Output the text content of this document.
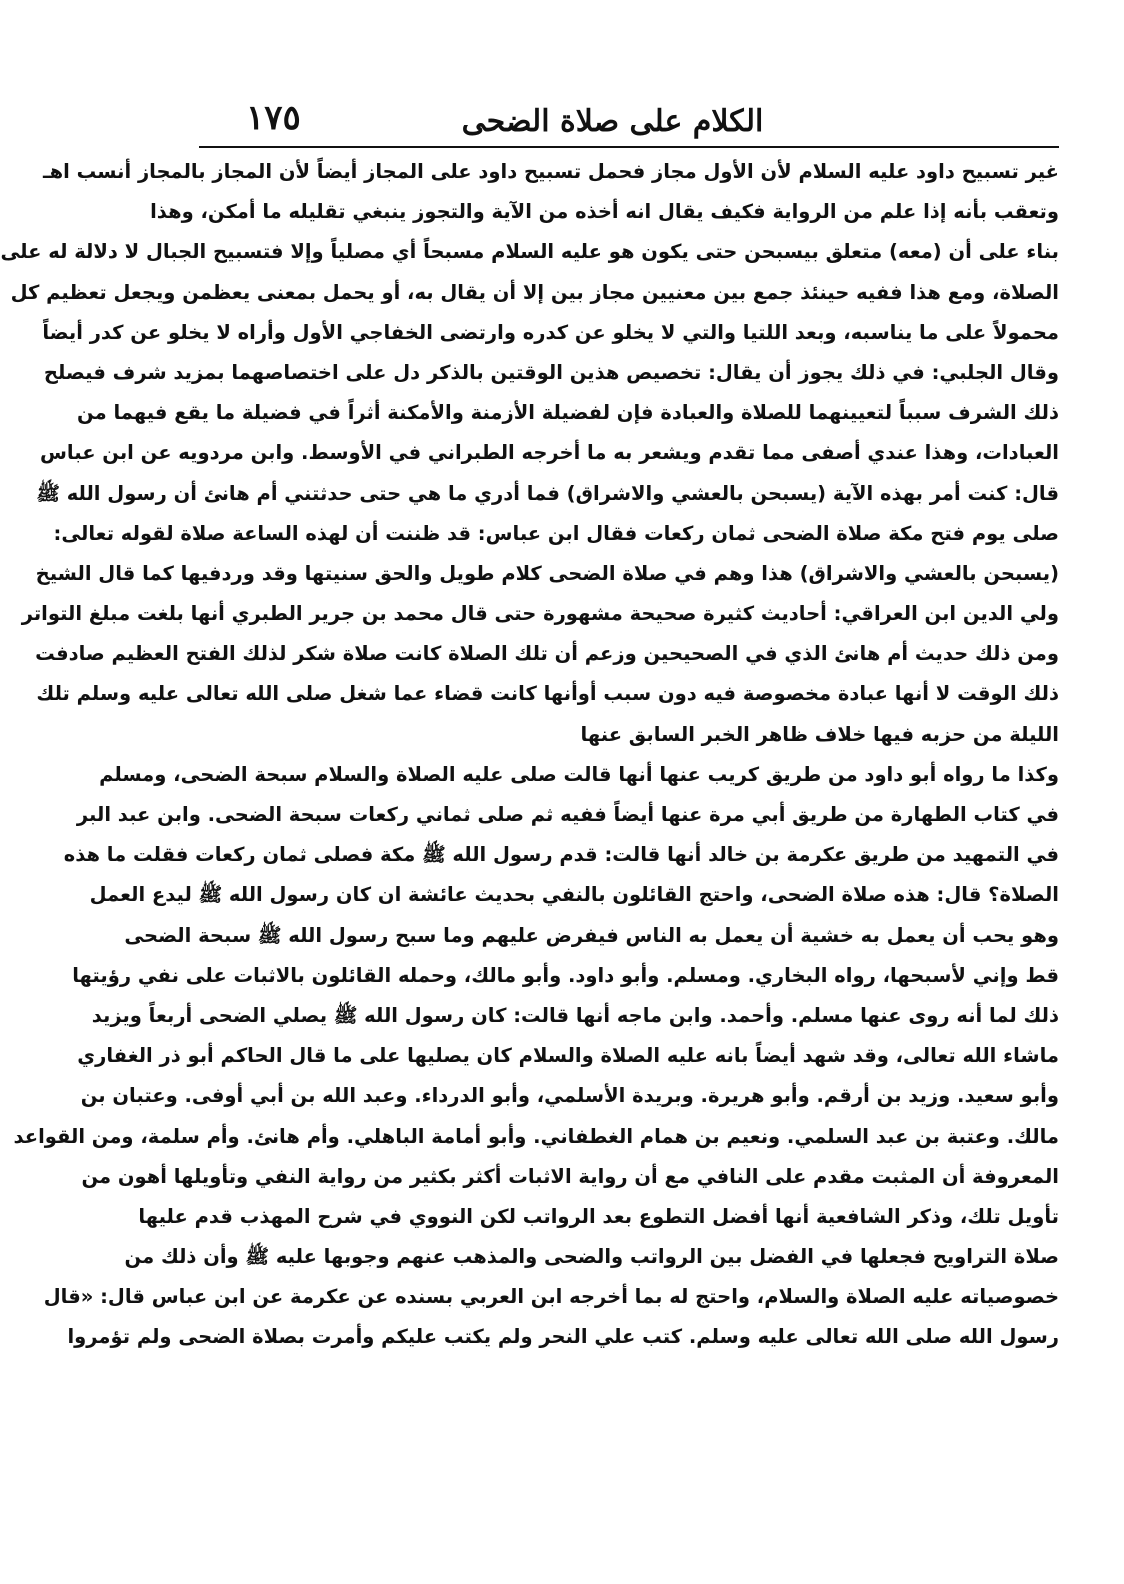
الكلام على صلاة الضحى
١٧٥
غير تسبيح داود عليه السلام لأن الأول مجاز فحمل تسبيح داود على المجاز أيضاً لأن المجاز بالمجاز أنسب اهـ
وتعقب بأنه إذا علم من الرواية فكيف يقال انه أخذه من الآية والتجوز ينبغي تقليله ما أمكن، وهذا
بناء على أن (معه) متعلق بيسبحن حتى يكون هو عليه السلام مسبحاً أي مصلياً وإلا فتسبيح الجبال لا دلالة له على
الصلاة، ومع هذا ففيه حينئذ جمع بين معنيين مجاز بين إلا أن يقال به، أو يحمل بمعنى يعظمن ويجعل تعظيم كل
محمولاً على ما يناسبه، وبعد اللتيا والتي لا يخلو عن كدره وارتضى الخفاجي الأول وأراه لا يخلو عن كدر أيضاً
وقال الجلبي: في ذلك يجوز أن يقال: تخصيص هذين الوقتين بالذكر دل على اختصاصهما بمزيد شرف فيصلح
ذلك الشرف سبباً لتعيينهما للصلاة والعبادة فإن لفضيلة الأزمنة والأمكنة أثراً في فضيلة ما يقع فيهما من
العبادات، وهذا عندي أصفى مما تقدم ويشعر به ما أخرجه الطبراني في الأوسط. وابن مردويه عن ابن عباس
قال: كنت أمر بهذه الآية (يسبحن بالعشي والاشراق) فما أدري ما هي حتى حدثتني أم هانئ أن رسول الله ﷺ
صلى يوم فتح مكة صلاة الضحى ثمان ركعات فقال ابن عباس: قد ظننت أن لهذه الساعة صلاة لقوله تعالى:
(يسبحن بالعشي والاشراق) هذا وهم في صلاة الضحى كلام طويل والحق سنيتها وقد وردفيها كما قال الشيخ
ولي الدين ابن العراقي: أحاديث كثيرة صحيحة مشهورة حتى قال محمد بن جرير الطبري أنها بلغت مبلغ التواتر
ومن ذلك حديث أم هانئ الذي في الصحيحين وزعم أن تلك الصلاة كانت صلاة شكر لذلك الفتح العظيم صادفت
ذلك الوقت لا أنها عبادة مخصوصة فيه دون سبب أوأنها كانت قضاء عما شغل صلى الله تعالى عليه وسلم تلك
الليلة من حزبه فيها خلاف ظاهر الخبر السابق عنها
وكذا ما رواه أبو داود من طريق كريب عنها أنها قالت صلى عليه الصلاة والسلام سبحة الضحى، ومسلم
في كتاب الطهارة من طريق أبي مرة عنها أيضاً ففيه ثم صلى ثماني ركعات سبحة الضحى. وابن عبد البر
في التمهيد من طريق عكرمة بن خالد أنها قالت: قدم رسول الله ﷺ مكة فصلى ثمان ركعات فقلت ما هذه
الصلاة؟ قال: هذه صلاة الضحى، واحتج القائلون بالنفي بحديث عائشة ان كان رسول الله ﷺ ليدع العمل
وهو يحب أن يعمل به خشية أن يعمل به الناس فيفرض عليهم وما سبح رسول الله ﷺ سبحة الضحى
قط وإني لأسبحها، رواه البخاري. ومسلم. وأبو داود. وأبو مالك، وحمله القائلون بالاثبات على نفي رؤيتها
ذلك لما أنه روى عنها مسلم. وأحمد. وابن ماجه أنها قالت: كان رسول الله ﷺ يصلي الضحى أربعاً ويزيد
ماشاء الله تعالى، وقد شهد أيضاً بانه عليه الصلاة والسلام كان يصليها على ما قال الحاكم أبو ذر الغفاري
وأبو سعيد. وزيد بن أرقم. وأبو هريرة. وبريدة الأسلمي، وأبو الدرداء. وعبد الله بن أبي أوفى. وعتبان بن
مالك. وعتبة بن عبد السلمي. ونعيم بن همام الغطفاني. وأبو أمامة الباهلي. وأم هانئ. وأم سلمة، ومن القواعد
المعروفة أن المثبت مقدم على النافي مع أن رواية الاثبات أكثر بكثير من رواية النفي وتأويلها أهون من
تأويل تلك، وذكر الشافعية أنها أفضل التطوع بعد الرواتب لكن النووي في شرح المهذب قدم عليها
صلاة التراويح فجعلها في الفضل بين الرواتب والضحى والمذهب عنهم وجوبها عليه ﷺ وأن ذلك من
خصوصياته عليه الصلاة والسلام، واحتج له بما أخرجه ابن العربي بسنده عن عكرمة عن ابن عباس قال: «قال
رسول الله صلى الله تعالى عليه وسلم. كتب علي النحر ولم يكتب عليكم وأمرت بصلاة الضحى ولم تؤمروا
